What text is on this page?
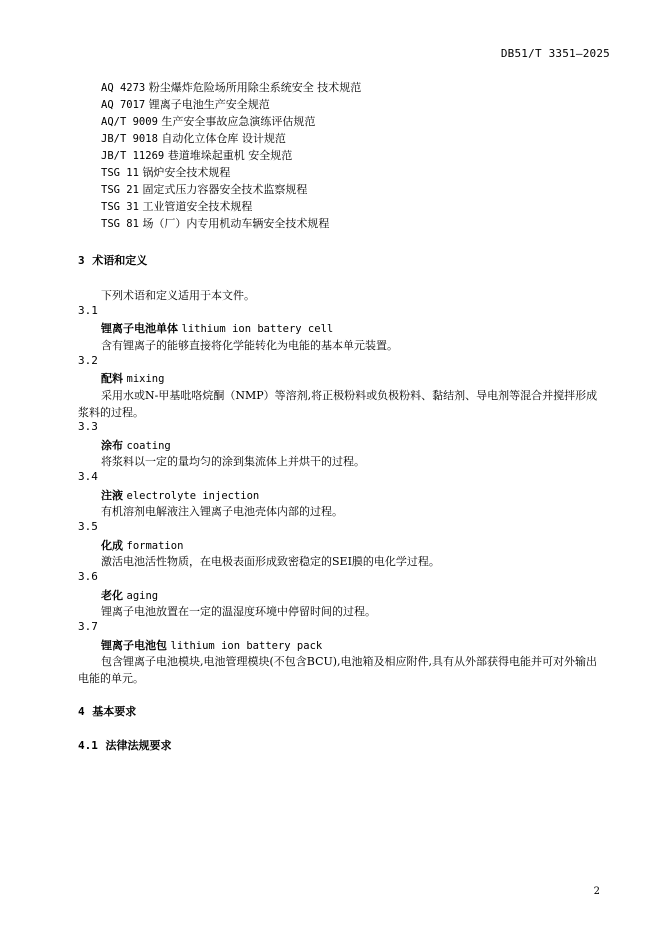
DB51/T 3351—2025
AQ 4273 粉尘爆炸危险场所用除尘系统安全 技术规范
AQ 7017 锂离子电池生产安全规范
AQ/T 9009 生产安全事故应急演练评估规范
JB/T 9018 自动化立体仓库 设计规范
JB/T 11269 巷道堆垛起重机 安全规范
TSG 11 锅炉安全技术规程
TSG 21 固定式压力容器安全技术监察规程
TSG 31 工业管道安全技术规程
TSG 81 场（厂）内专用机动车辆安全技术规程
3 术语和定义
下列术语和定义适用于本文件。
3.1
锂离子电池单体 lithium ion battery cell
含有锂离子的能够直接将化学能转化为电能的基本单元装置。
3.2
配料 mixing
采用水或N-甲基吡咯烷酮（NMP）等溶剂,将正极粉料或负极粉料、黏结剂、导电剂等混合并搅拌形成浆料的过程。
3.3
涂布 coating
将浆料以一定的量均匀的涂到集流体上并烘干的过程。
3.4
注液 electrolyte injection
有机溶剂电解液注入锂离子电池壳体内部的过程。
3.5
化成 formation
激活电池活性物质，在电极表面形成致密稳定的SEI膜的电化学过程。
3.6
老化 aging
锂离子电池放置在一定的温湿度环境中停留时间的过程。
3.7
锂离子电池包 lithium ion battery pack
包含锂离子电池模块,电池管理模块(不包含BCU),电池箱及相应附件,具有从外部获得电能并可对外输出电能的单元。
4 基本要求
4.1 法律法规要求
2
